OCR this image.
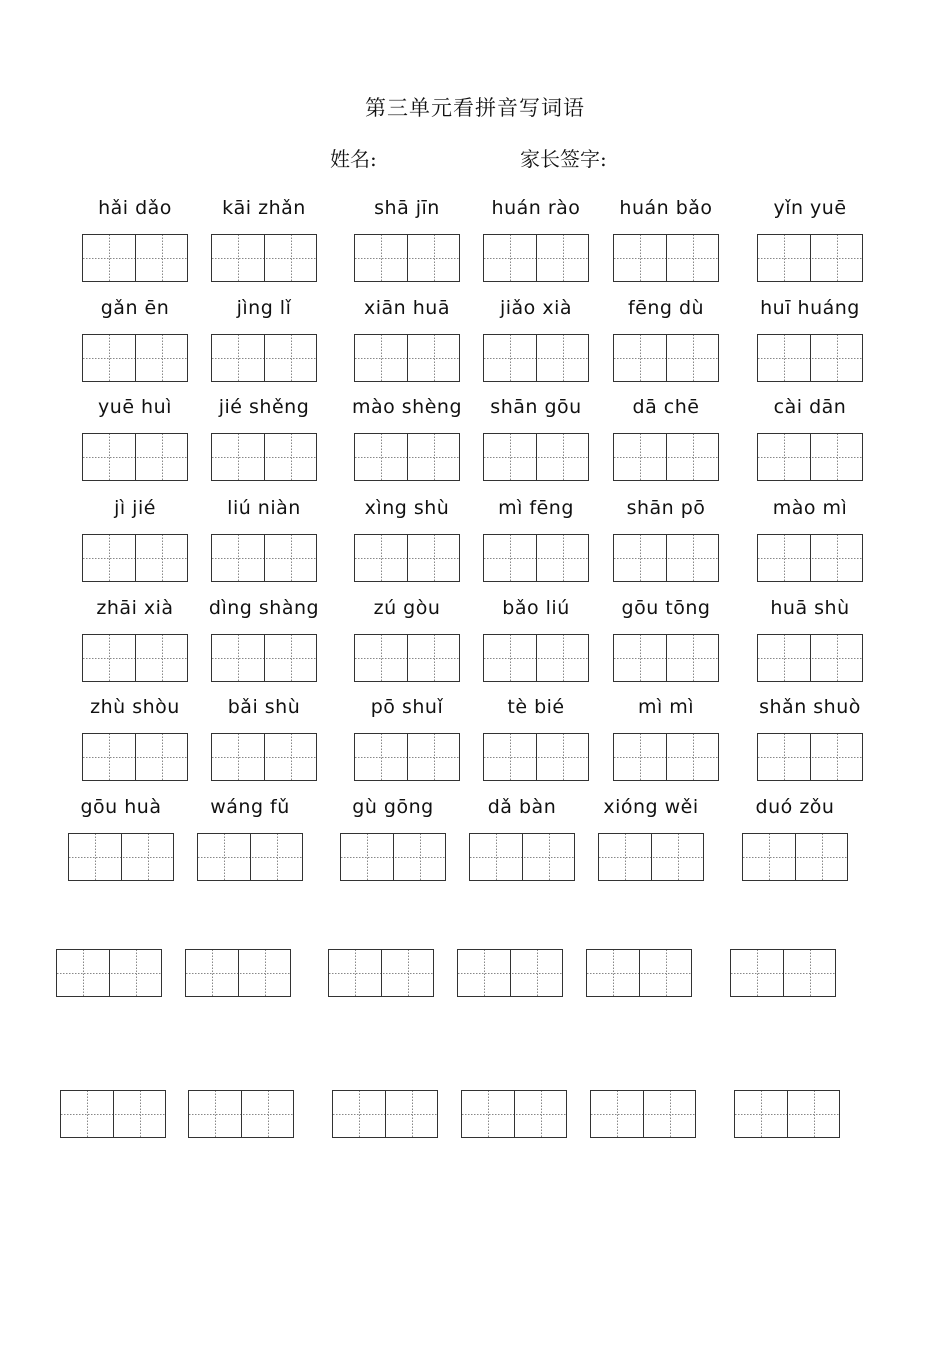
第三单元看拼音写词语
姓名:	家长签字:
hǎi dǎo	kāi zhǎn	shā jīn	huán rào	huán bǎo	yǐn yuē
gǎn ēn	jìng lǐ	xiān huā	jiǎo xià	fēng dù	huī huáng
yuē huì	jié shěng	mào shèng	shān gōu	dā chē	cài dān
jì jié	liú niàn	xìng shù	mì fēng	shān pō	mào mì
zhāi xià	dìng shàng	zú gòu	bǎo liú	gōu tōng	huā shù
zhù shòu	bǎi shù	pō shuǐ	tè bié	mì mì	shǎn shuò
gōu huà	wáng fǔ	gù gōng	dǎ bàn	xióng wěi	duó zǒu
